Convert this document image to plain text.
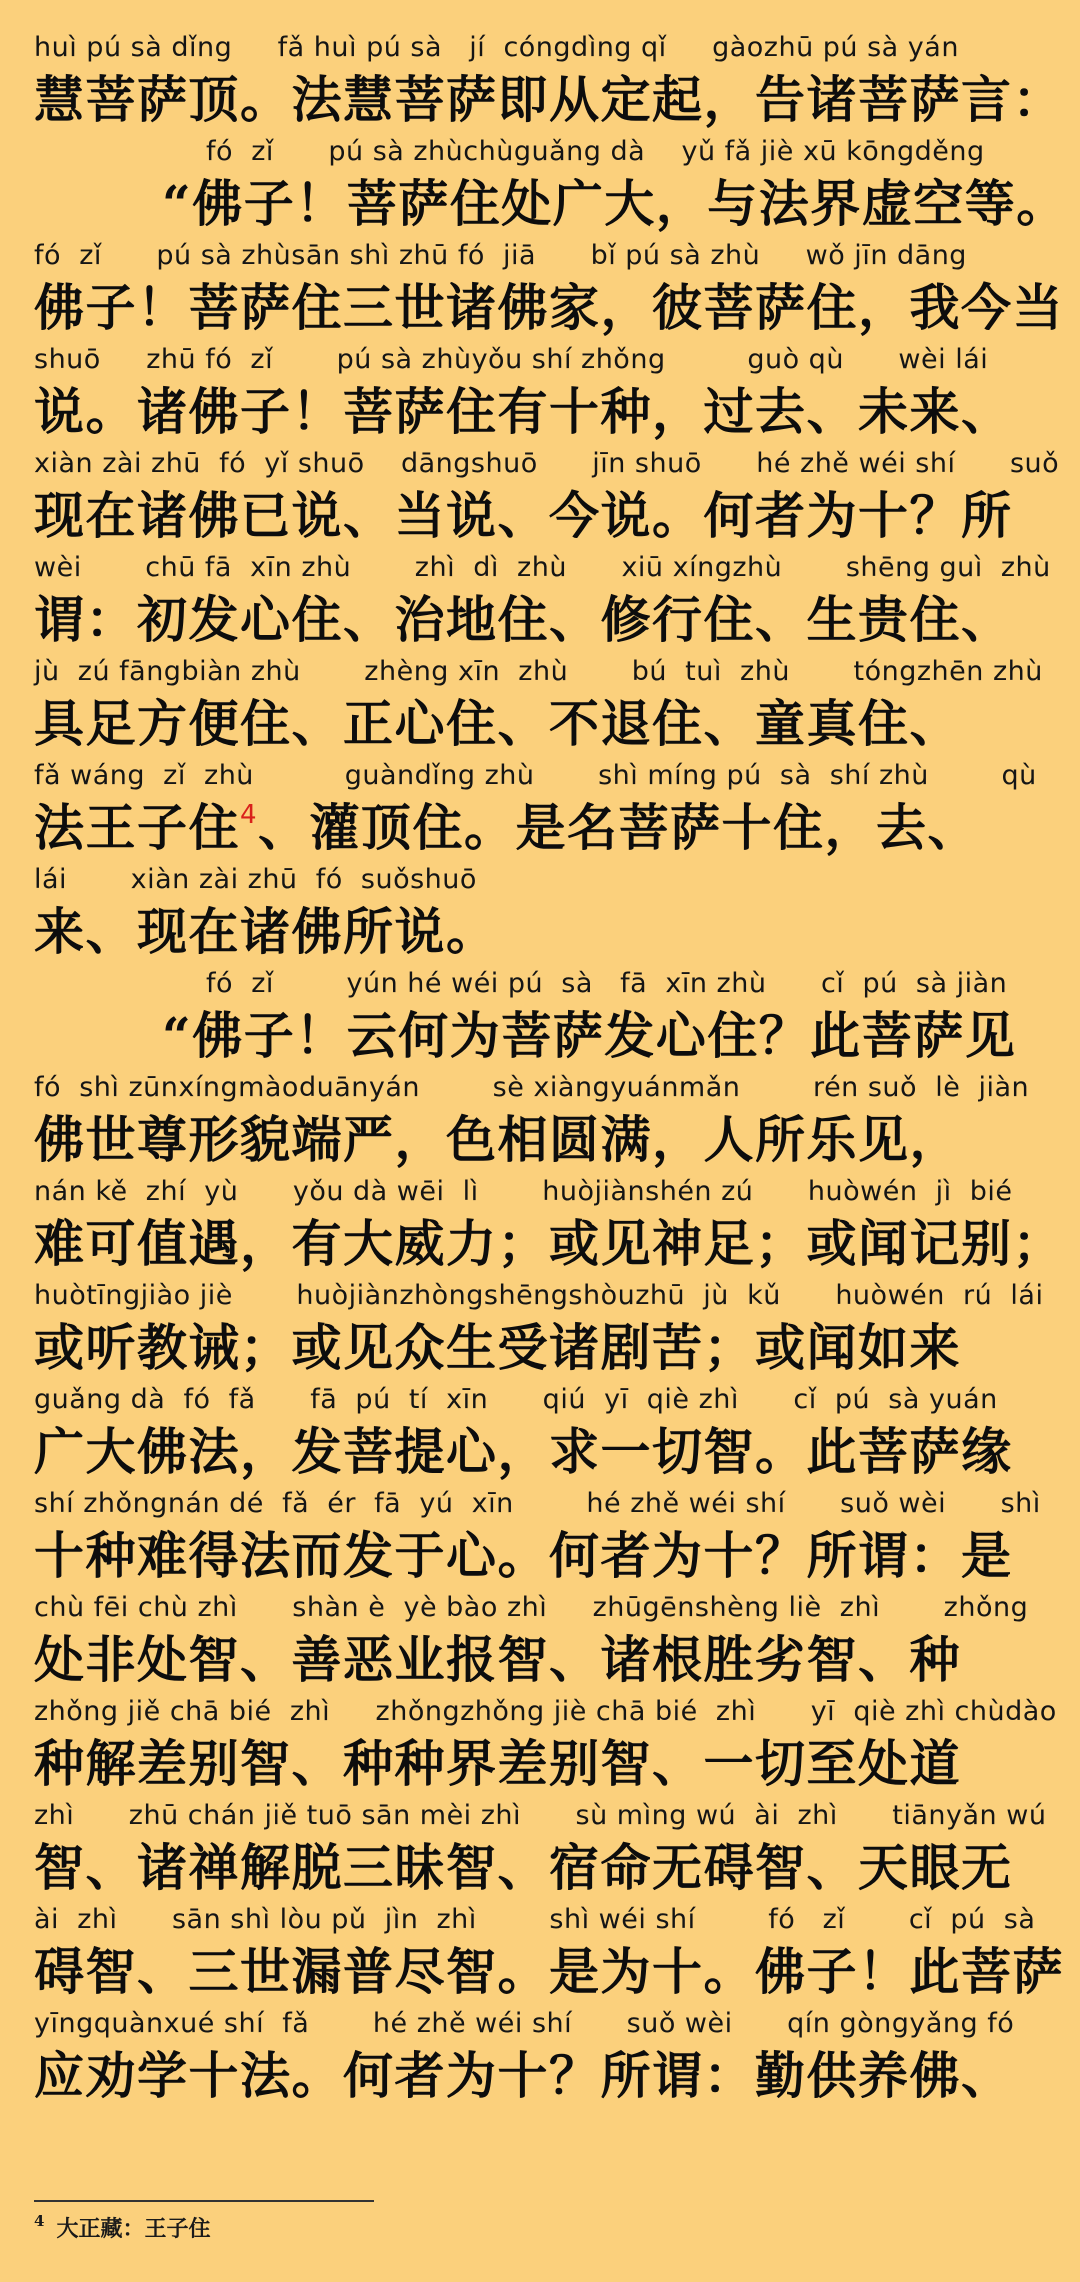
huì pú sà dǐng     fǎ huì pú sà   jí  cóngdìng qǐ     gàozhū pú sà yán
慧菩萨顶。法慧菩萨即从定起，告诸菩萨言：
fó  zǐ      pú sà zhùchùguǎng dà    yǔ fǎ jiè xū kōngděng
“佛子！菩萨住处广大，与法界虚空等。
fó  zǐ      pú sà zhùsān shì zhū fó  jiā      bǐ pú sà zhù     wǒ jīn dāng
佛子！菩萨住三世诸佛家，彼菩萨住，我今当
shuō     zhū fó  zǐ       pú sà zhùyǒu shí zhǒng         guò qù      wèi lái
说。诸佛子！菩萨住有十种，过去、未来、
xiàn zài zhū  fó  yǐ shuō    dāngshuō      jīn shuō      hé zhě wéi shí      suǒ
现在诸佛已说、当说、今说。何者为十？所
wèi       chū fā  xīn zhù       zhì  dì  zhù      xiū xíngzhù       shēng guì  zhù
谓：初发心住、治地住、修行住、生贵住、
jù  zú fāngbiàn zhù       zhèng xīn  zhù       bú  tuì  zhù       tóngzhēn zhù
具足方便住、正心住、不退住、童真住、
fǎ wáng  zǐ  zhù          guàndǐng zhù       shì míng pú  sà  shí zhù        qù
法王子住$^4$、灌顶住。是名菩萨十住，去、
lái       xiàn zài zhū  fó  suǒshuō
来、现在诸佛所说。
fó  zǐ        yún hé wéi pú  sà   fā  xīn zhù      cǐ  pú  sà jiàn
“佛子！云何为菩萨发心住？此菩萨见
fó  shì zūnxíngmàoduānyán        sè xiàngyuánmǎn        rén suǒ  lè  jiàn
佛世尊形貌端严，色相圆满，人所乐见，
nán kě  zhí  yù      yǒu dà wēi  lì       huòjiànshén zú      huòwén  jì  bié
难可值遇，有大威力；或见神足；或闻记别；
huòtīngjiào jiè       huòjiànzhòngshēngshòuzhū  jù  kǔ      huòwén  rú  lái
或听教诫；或见众生受诸剧苦；或闻如来
guǎng dà  fó  fǎ      fā  pú  tí  xīn      qiú  yī  qiè zhì      cǐ  pú  sà yuán
广大佛法，发菩提心，求一切智。此菩萨缘
shí zhǒngnán dé  fǎ  ér  fā  yú  xīn        hé zhě wéi shí      suǒ wèi      shì
十种难得法而发于心。何者为十？所谓：是
chù fēi chù zhì      shàn è  yè bào zhì     zhūgēnshèng liè  zhì       zhǒng
处非处智、善恶业报智、诸根胜劣智、种
zhǒng jiě chā bié  zhì     zhǒngzhǒng jiè chā bié  zhì      yī  qiè zhì chùdào
种解差别智、种种界差别智、一切至处道
zhì      zhū chán jiě tuō sān mèi zhì      sù mìng wú  ài  zhì      tiānyǎn wú
智、诸禅解脱三昧智、宿命无碍智、天眼无
ài  zhì      sān shì lòu pǔ  jìn  zhì        shì wéi shí        fó   zǐ       cǐ  pú  sà
碍智、三世漏普尽智。是为十。佛子！此菩萨
yīngquànxué shí  fǎ       hé zhě wéi shí      suǒ wèi      qín gòngyǎng fó
应劝学十法。何者为十？所谓：勤供养佛、
$^4$ 大正藏：王子住
